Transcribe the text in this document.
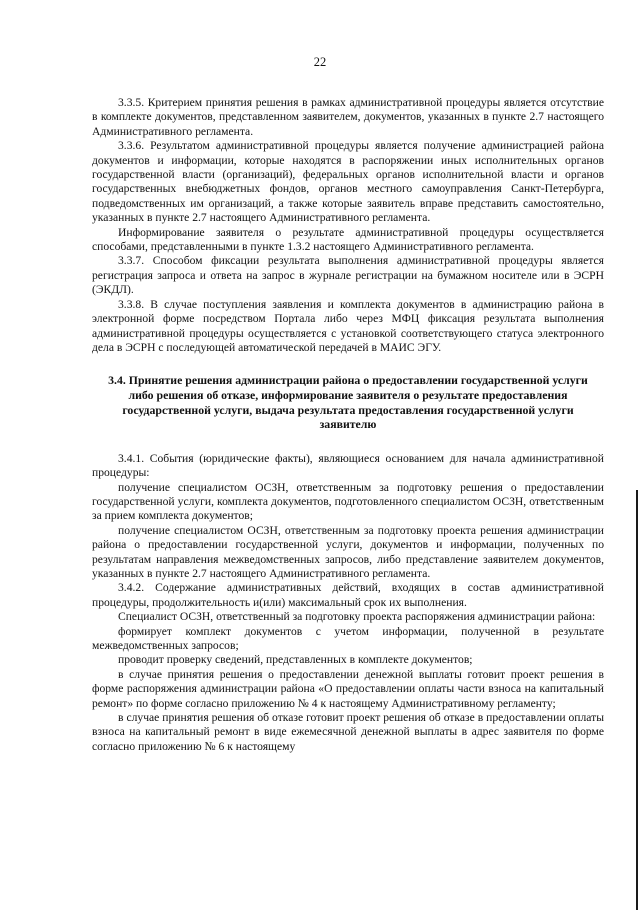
22

3.3.5. Критерием принятия решения в рамках административной процедуры является отсутствие в комплекте документов, представленном заявителем, документов, указанных в пункте 2.7 настоящего Административного регламента.

3.3.6. Результатом административной процедуры является получение администрацией района документов и информации, которые находятся в распоряжении иных исполнительных органов государственной власти (организаций), федеральных органов исполнительной власти и органов государственных внебюджетных фондов, органов местного самоуправления Санкт-Петербурга, подведомственных им организаций, а также которые заявитель вправе представить самостоятельно, указанных в пункте 2.7 настоящего Административного регламента.

Информирование заявителя о результате административной процедуры осуществляется способами, представленными в пункте 1.3.2 настоящего Административного регламента.

3.3.7. Способом фиксации результата выполнения административной процедуры является регистрация запроса и ответа на запрос в журнале регистрации на бумажном носителе или в ЭСРН (ЭКДЛ).

3.3.8. В случае поступления заявления и комплекта документов в администрацию района в электронной форме посредством Портала либо через МФЦ фиксация результата выполнения административной процедуры осуществляется с установкой соответствующего статуса электронного дела в ЭСРН с последующей автоматической передачей в МАИС ЭГУ.

3.4. Принятие решения администрации района о предоставлении государственной услуги либо решения об отказе, информирование заявителя о результате предоставления государственной услуги, выдача результата предоставления государственной услуги заявителю

3.4.1. События (юридические факты), являющиеся основанием для начала административной процедуры:

получение специалистом ОСЗН, ответственным за подготовку решения о предоставлении государственной услуги, комплекта документов, подготовленного специалистом ОСЗН, ответственным за прием комплекта документов;

получение специалистом ОСЗН, ответственным за подготовку проекта решения администрации района о предоставлении государственной услуги, документов и информации, полученных по результатам направления межведомственных запросов, либо представление заявителем документов, указанных в пункте 2.7 настоящего Административного регламента.

3.4.2. Содержание административных действий, входящих в состав административной процедуры, продолжительность и(или) максимальный срок их выполнения.

Специалист ОСЗН, ответственный за подготовку проекта распоряжения администрации района:

формирует комплект документов с учетом информации, полученной в результате межведомственных запросов;

проводит проверку сведений, представленных в комплекте документов;

в случае принятия решения о предоставлении денежной выплаты готовит проект решения в форме распоряжения администрации района «О предоставлении оплаты части взноса на капитальный ремонт» по форме согласно приложению № 4 к настоящему Административному регламенту;

в случае принятия решения об отказе готовит проект решения об отказе в предоставлении оплаты взноса на капитальный ремонт в виде ежемесячной денежной выплаты в адрес заявителя по форме согласно приложению № 6 к настоящему
